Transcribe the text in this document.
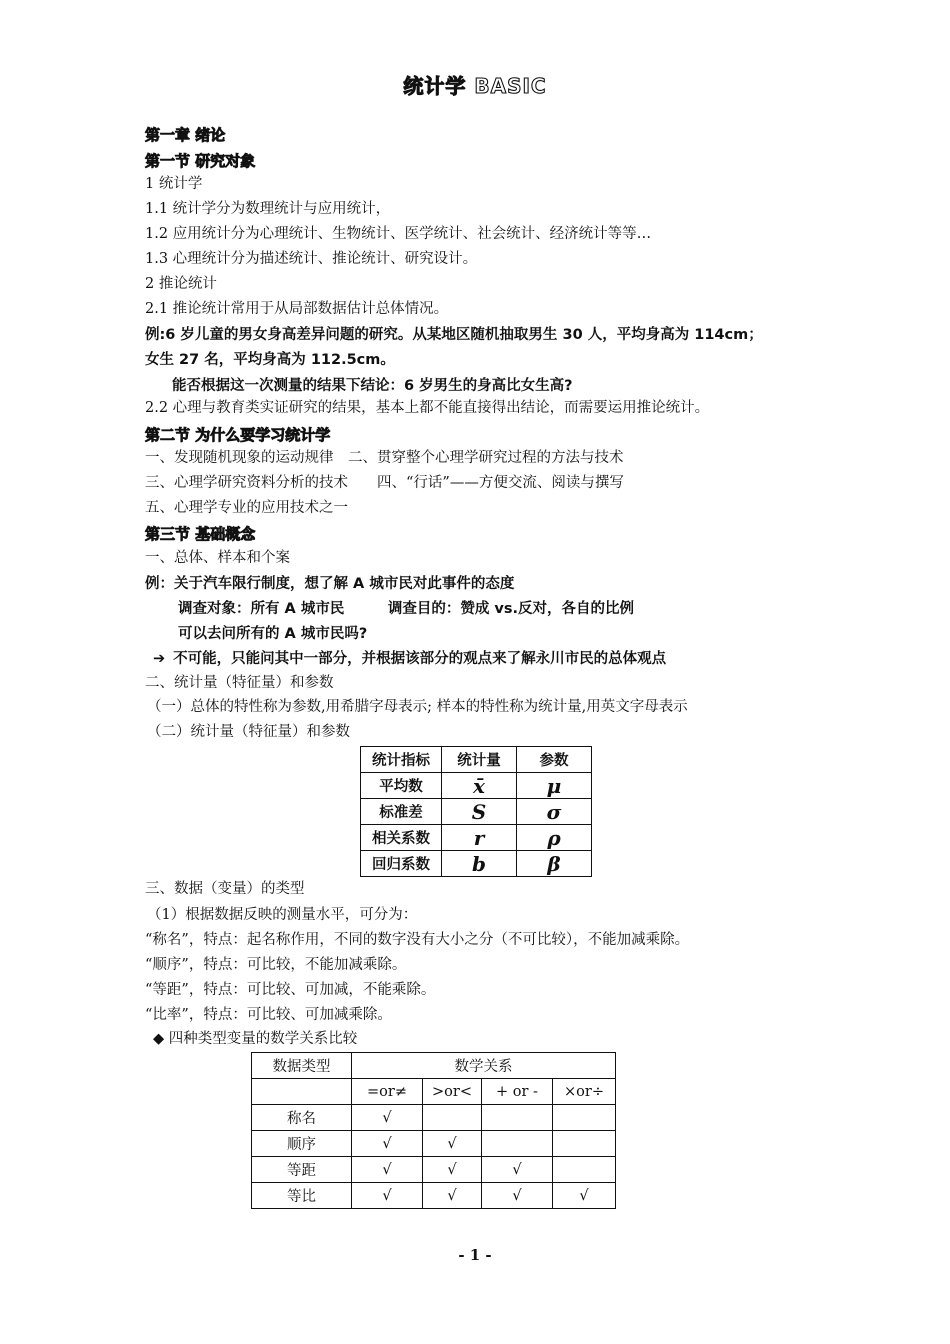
统计学 BASIC
第一章 绪论
第一节 研究对象
1 统计学
1.1 统计学分为数理统计与应用统计，
1.2 应用统计分为心理统计、生物统计、医学统计、社会统计、经济统计等等…
1.3 心理统计分为描述统计、推论统计、研究设计。
2 推论统计
2.1 推论统计常用于从局部数据估计总体情况。
例:6 岁儿童的男女身高差异问题的研究。从某地区随机抽取男生 30 人，平均身高为 114cm；
女生 27 名，平均身高为 112.5cm。
能否根据这一次测量的结果下结论：6 岁男生的身高比女生高?
2.2 心理与教育类实证研究的结果，基本上都不能直接得出结论，而需要运用推论统计。
第二节 为什么要学习统计学
一、发现随机现象的运动规律　二、贯穿整个心理学研究过程的方法与技术
三、心理学研究资料分析的技术　　四、“行话”——方便交流、阅读与撰写
五、心理学专业的应用技术之一
第三节 基础概念
一、总体、样本和个案
例：关于汽车限行制度，想了解 A 城市民对此事件的态度
调查对象：所有 A 城市民　　　调查目的：赞成 vs.反对，各自的比例
可以去问所有的 A 城市民吗?
➔ 不可能，只能问其中一部分，并根据该部分的观点来了解永川市民的总体观点
二、统计量（特征量）和参数
（一）总体的特性称为参数,用希腊字母表示; 样本的特性称为统计量,用英文字母表示
（二）统计量（特征量）和参数
统计指标	统计量	参数
平均数	x̄	μ
标准差	S	σ
相关系数	r	ρ
回归系数	b	β
三、数据（变量）的类型
（1）根据数据反映的测量水平，可分为：
“称名”，特点：起名称作用，不同的数字没有大小之分（不可比较），不能加减乘除。
“顺序”，特点：可比较，不能加减乘除。
“等距”，特点：可比较、可加减，不能乘除。
“比率”，特点：可比较、可加减乘除。
◆ 四种类型变量的数学关系比较
数据类型	数学关系			
	=or≠	>or<	+ or -	×or÷
称名	√			
顺序	√	√		
等距	√	√	√	
等比	√	√	√	√
- 1 -
